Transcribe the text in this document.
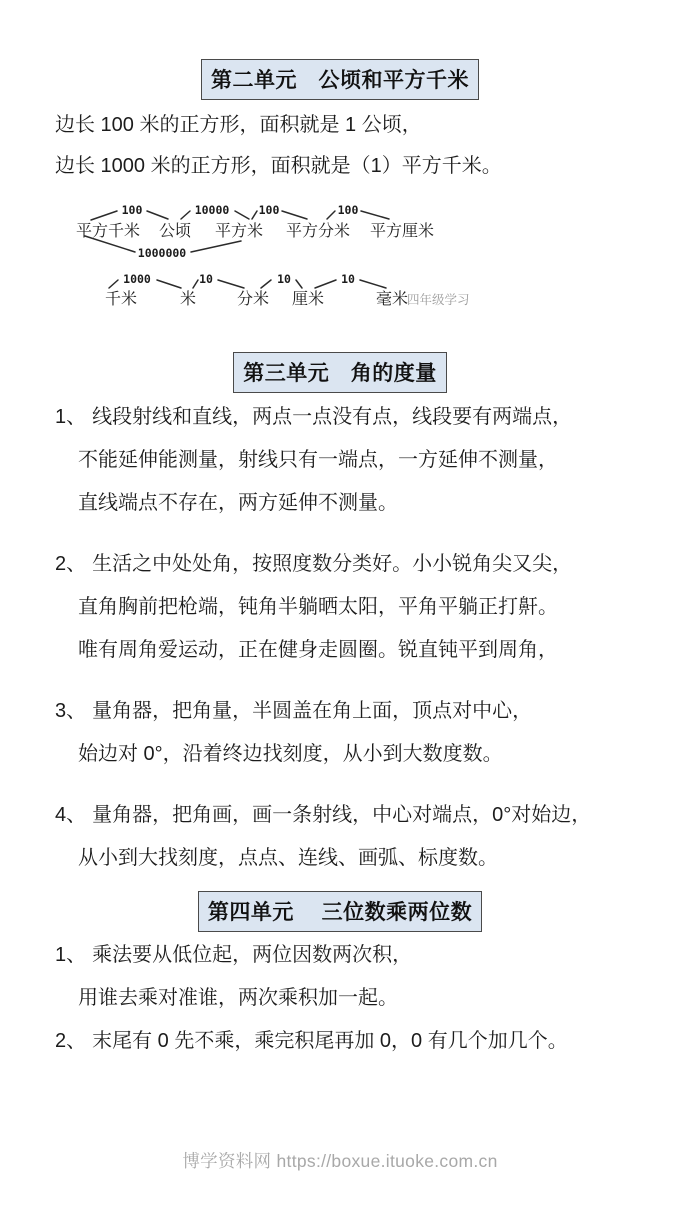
第二单元　公顷和平方千米
边长 100 米的正方形，面积就是 1 公顷，
边长 1000 米的正方形，面积就是（1）平方千米。
平方千米 公顷 平方米 平方分米 平方厘米
100	10000	100	100
1000000
千米	米	分米 厘米	毫米
1000	10	10	10
四年级学习
第三单元　角的度量
1、 线段射线和直线，两点一点没有点，线段要有两端点，
不能延伸能测量，射线只有一端点，一方延伸不测量，
直线端点不存在，两方延伸不测量。
2、 生活之中处处角，按照度数分类好。小小锐角尖又尖，
直角胸前把枪端，钝角半躺晒太阳，平角平躺正打鼾。
唯有周角爱运动，正在健身走圆圈。锐直钝平到周角，
3、 量角器，把角量，半圆盖在角上面，顶点对中心，
始边对 0°，沿着终边找刻度，从小到大数度数。
4、 量角器，把角画，画一条射线，中心对端点，0°对始边，
从小到大找刻度，点点、连线、画弧、标度数。
第四单元　 三位数乘两位数
1、 乘法要从低位起，两位因数两次积，
用谁去乘对准谁，两次乘积加一起。
2、 末尾有 0 先不乘，乘完积尾再加 0，0 有几个加几个。
博学资料网 https://boxue.ituoke.com.cn
